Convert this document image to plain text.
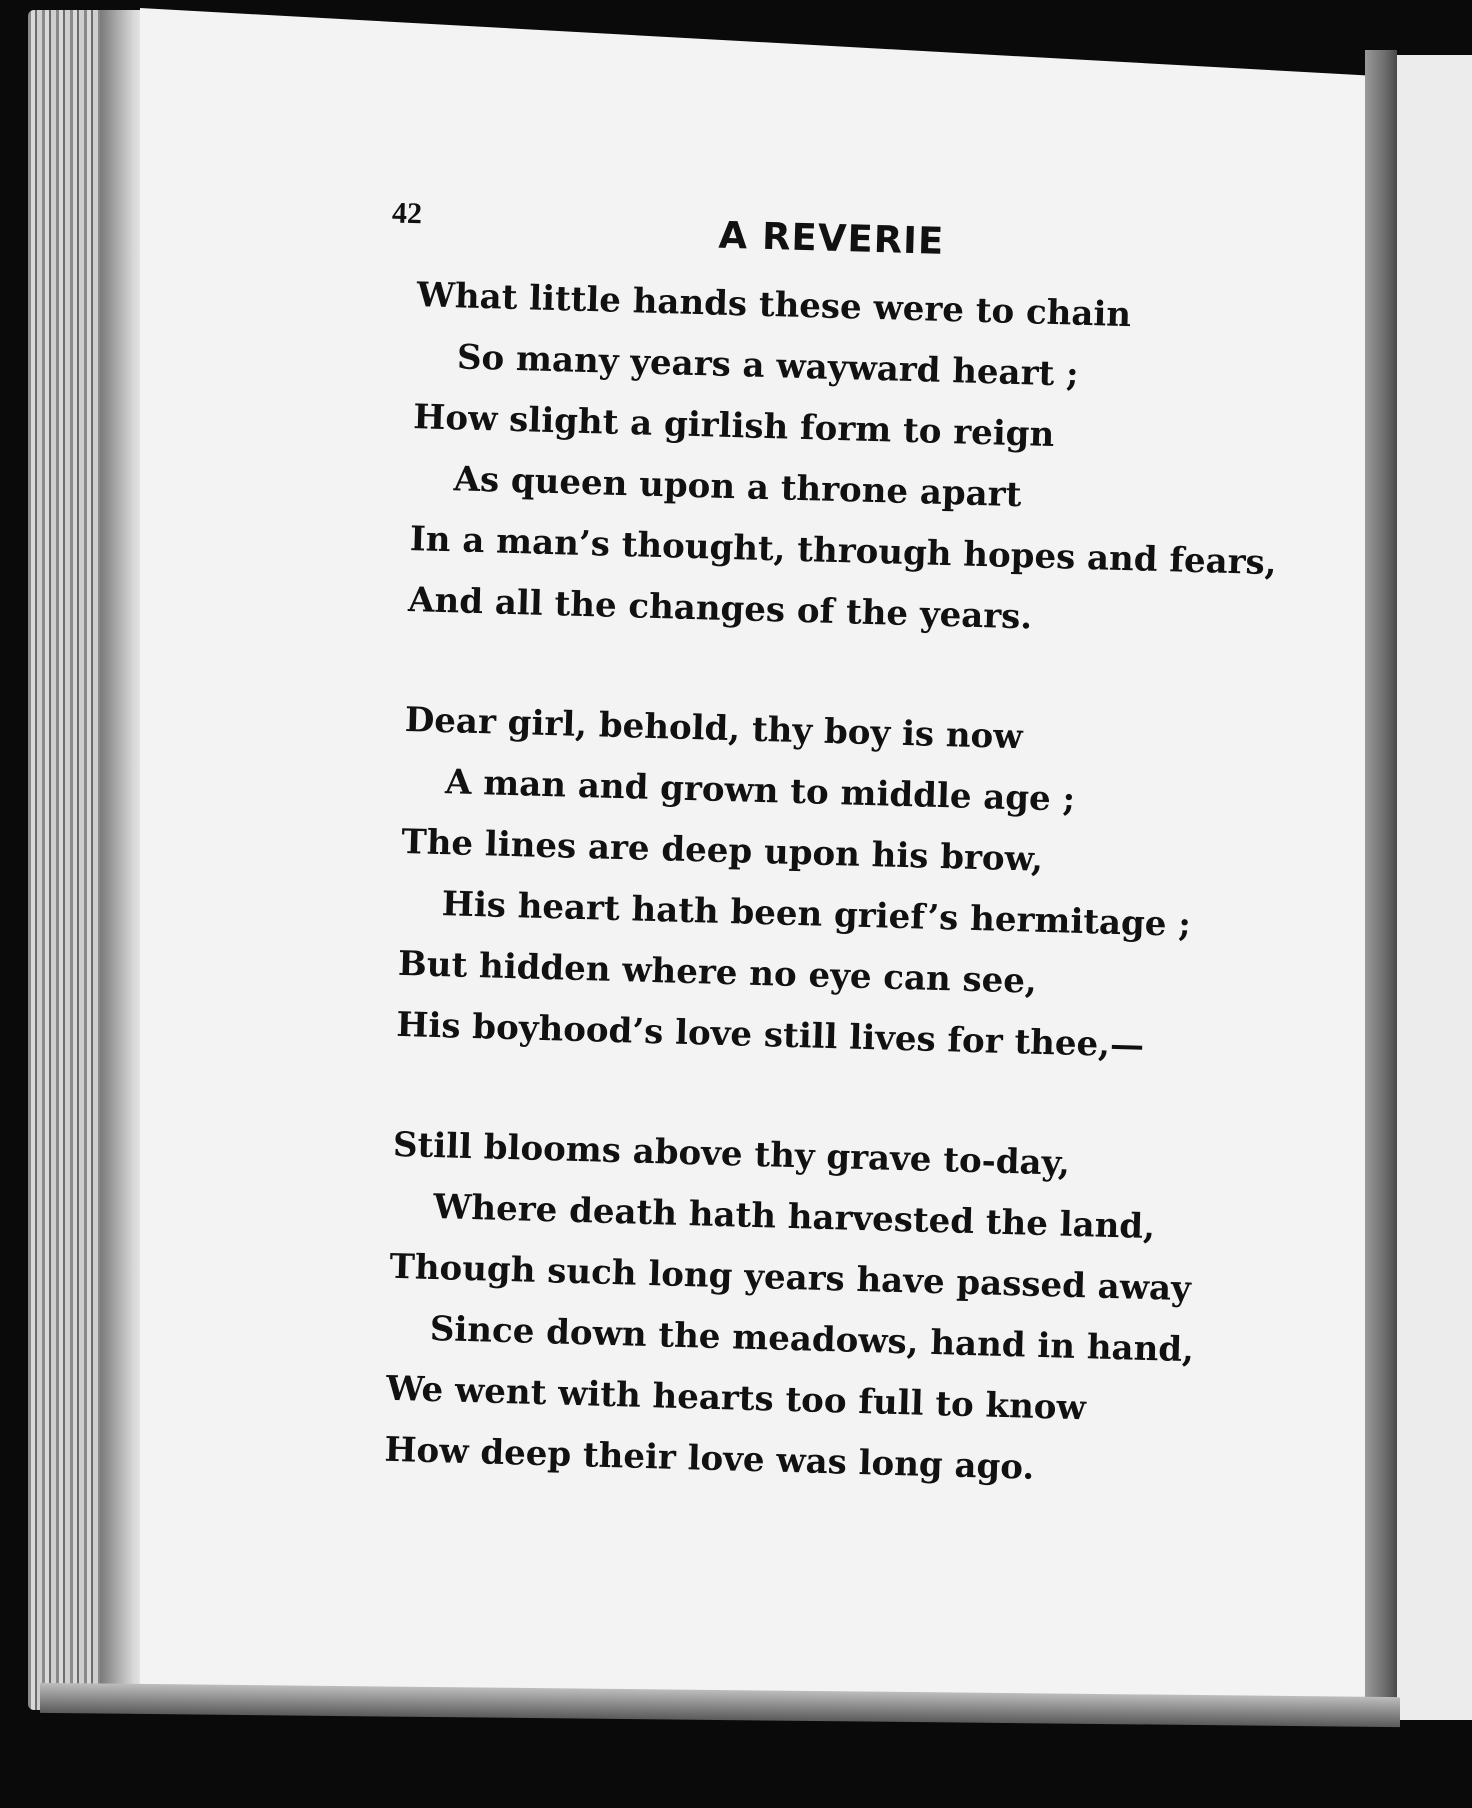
42
A REVERIE
What little hands these were to chain
So many years a wayward heart ;
How slight a girlish form to reign
As queen upon a throne apart
In a man’s thought, through hopes and fears,
And all the changes of the years.
Dear girl, behold, thy boy is now
A man and grown to middle age ;
The lines are deep upon his brow,
His heart hath been grief’s hermitage ;
But hidden where no eye can see,
His boyhood’s love still lives for thee,—
Still blooms above thy grave to-day,
Where death hath harvested the land,
Though such long years have passed away
Since down the meadows, hand in hand,
We went with hearts too full to know
How deep their love was long ago.
